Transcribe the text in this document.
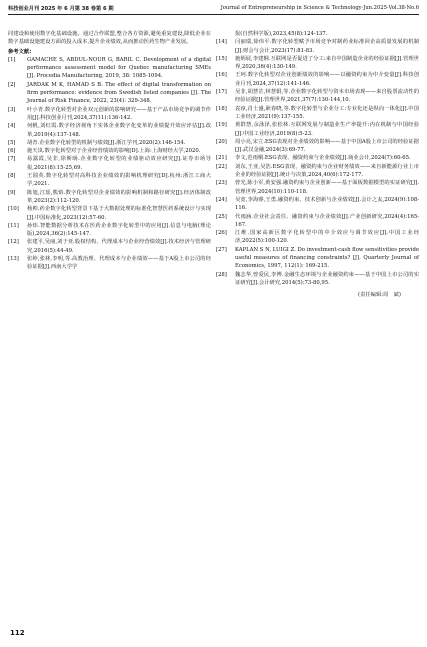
科技创业月刊 2025 年 6 月第 38 卷第 6 期	Journal of Entrepreneurship in Science & Technology·Jun.2025·Vol.38·No.6

同建设和使用数字化基础设施。通过合作联盟,整合各方资源,避免重复建设,降低企业在数字基础设施建设方面的投入成本,提升企业绩效,从而推动医药生物产业发展。

参考文献:

[1]	GAMACHE S, ABDUL-NOUR G, BARIL C. Development of a digital performance assessment model for Quebec manufacturing SMEs [J]. Procedia Manufacturing, 2019, 38: 1085-1094.

[2]	JARDAK M K, HAMAD S B. The effect of digital transformation on firm performance: evidence from Swedish listed companies [J]. The Journal of Risk Finance, 2022, 23(4): 329-348.

[3]	叶小青.数字化转型对企业双元创新的影响研究——基于产品市场竞争的调节作用[J].科技创业月刊,2024,37(11):136-142.

[4]	何帆,刘红霞.数字经济视角下实体企业数字化变革的业绩提升效应评估[J].改革,2019(4):137-148.

[5]	胡青.企业数字化转型的机制与绩效[J].浙江学刊,2020(2):146-154.

[6]	施天岚.数字化转型对于企业经营绩效的影响[D].上海:上海财经大学,2020.

[7]	易露霞,吴非,徐斯旸.企业数字化转型的业绩驱动效应研究[J].证券市场导报,2021(8):15-25,69.

[8]	王圆英.数字化转型对高科技企业绩效的影响机理研究[D].杭州:浙江工商大学,2021.

[9]	陈旭,江瑶,熊焰.数字化转型对企业绩效的影响机制和路径研究[J].经济体制改革,2023(2):112-120.

[10]	杨帅.药企数字化转型背景下基于大数据处理的标准化智慧医药系统设计与实现[J].中国标准化,2023(12):57-60.

[11]	孙炜.智能数据分析技术在医药企业数字化转型中的应用[J].信息与电脑(理论版),2024,36(2):145-147.

[12]	张建平,吴丽,刘于亚.股权结构、代理成本与企业经营绩效[J].技术经济与管理研究,2016(5):44-49.

[13]	张婷,张林,李明,等.高教治理、代理成本与企业绩效——基于A股上市公司的经验证据[J].西南大学学

报(自然科学版),2023,45(8):124-137.

[14]	闫丽瑞,徐伟平.数字化转型赋予市场竞争对制药业标准回企高质量发展的机制[J].财会与会计,2023(17):81-83.

[15]	施炳展,李建桐.互联网是否促进了分工:来自中国制造企业的经验证据[J].管理世界,2020,36(4):130-149.

[16]	王珂.数字化转型对企业创新绩效的影响——以融资约束为中介变量[J].科技创业月刊,2024,37(12):141-146.

[17]	吴非,胡慧芷,林慧娟,等.企业数字化转型与资本市场表现——来自股票流动性的经验证据[J].管理世界,2021,37(7):130-144,10.

[18]	袁淳,肖土盛,耿春晓,等.数字化转型与企业分工:专业化还是纵向一体化[J].中国工业经济,2021(9):137-155.

[19]	黄群慧,余泳泽,张松林.互联网发展与制造业生产率提升:内在机制与中国经验[J].中国工业经济,2019(8):5-23.

[20]	周小亮,宋立.ESG表现对企业绩效的影响——基于中国A股上市公司的经验证据[J].武汉金融,2024(3):69-77.

[21]	李文,范雨桐.ESG表现、融资约束与企业绩效[J].商业会计,2024(7):60-65.

[22]	刘东,王亚,吴浩.ESG表现、融资约束与企业财务绩效——来自新能源行业上市企业的经验证据[J].统计与决策,2024,40(6):172-177.

[23]	曾光,陈小军,黄安强.融资约束与企业创新——基于面板数据模型的实证研究[J].管理世界,2024(10):110-118.

[24]	吴宽,李海睿,王勇.融资约束、技术创新与企业绩效[J].会计之友,2024(9):108-116.

[25]	代雨涵.企业社会责任、融资约束与企业绩效[J].产业创新研究,2024(4):165-167.

[26]	江维.国家高新区数字化转型中的中介效应与调节效应[J].中国工业经济,2022(5):100-120.

[27]	KAPLAN S N, LUIGI Z. Do investment-cash flow sensitivities provide useful measures of financing constraints? [J]. Quarterly Journal of Economics, 1997, 112(1): 169-215.

[28]	魏志华,曾爱民,李博.金融生态环境与企业融资约束——基于中国上市公司的实证研究[J].会计研究,2014(5):73-80,95.

(责任编辑:周　斌)

112
